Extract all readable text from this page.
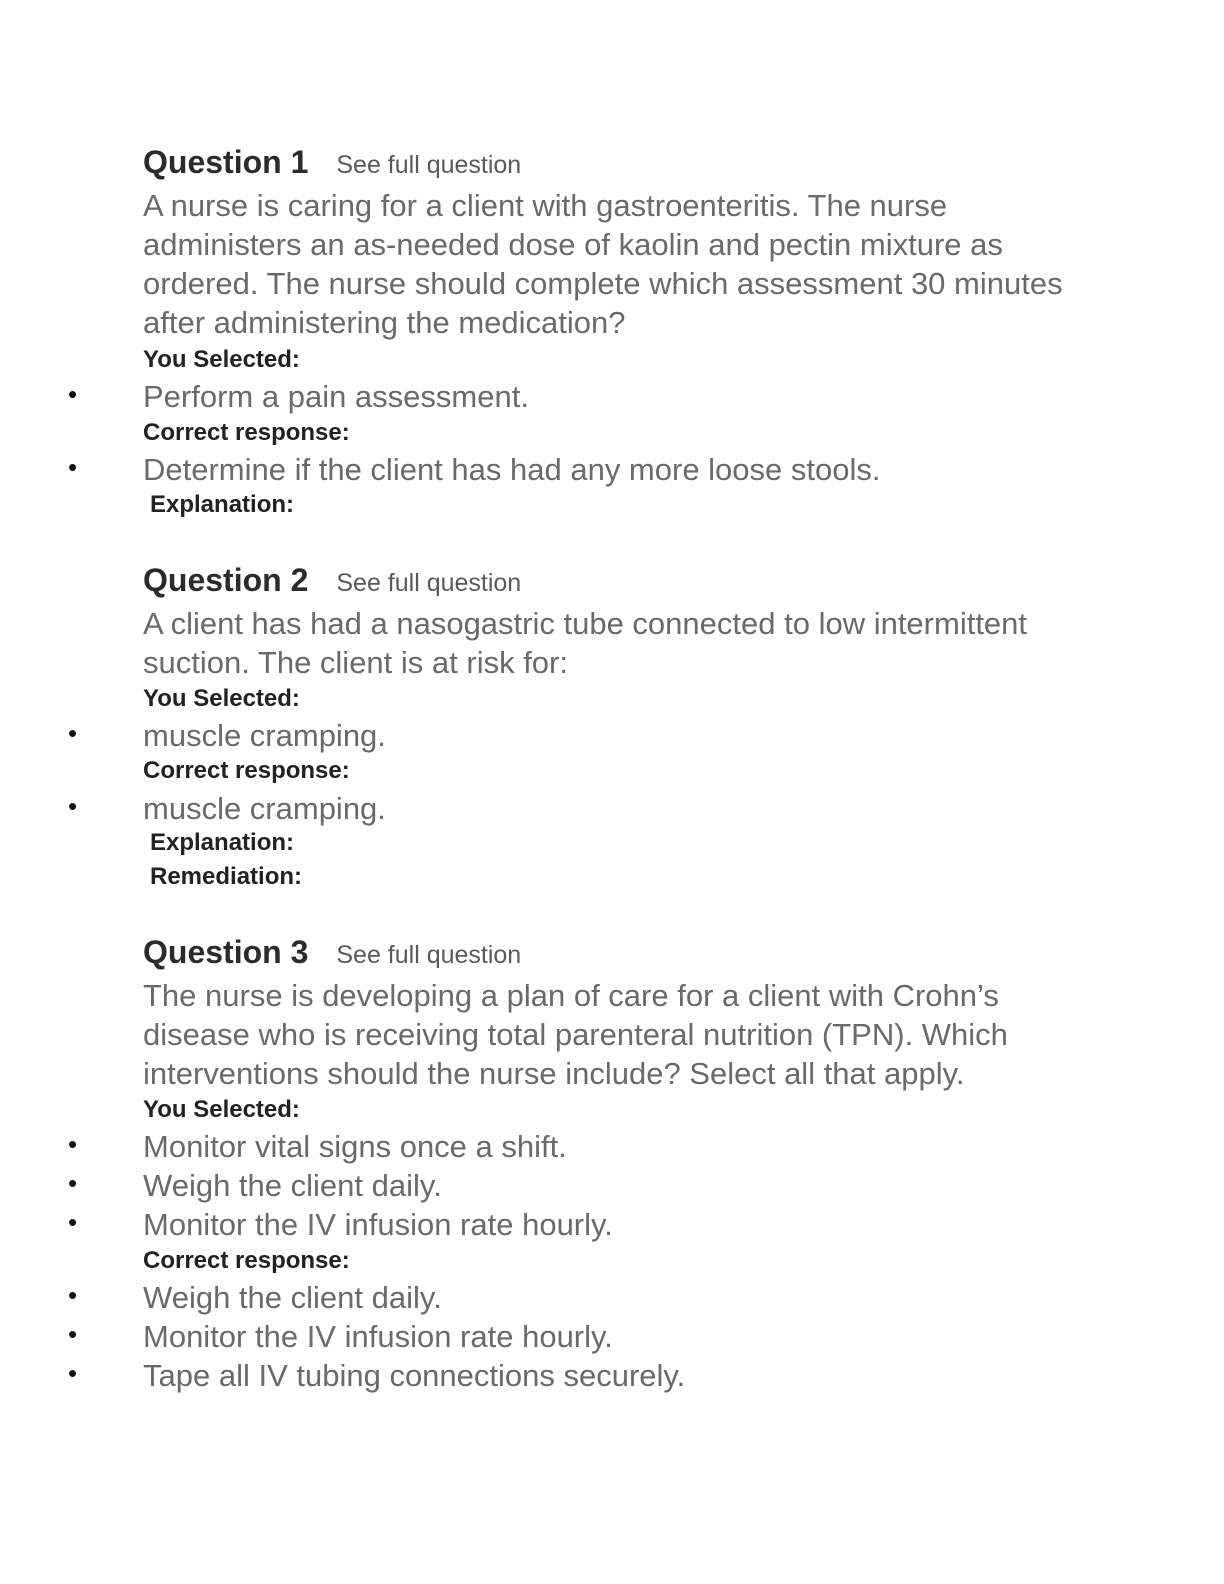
Question 1 See full question

A nurse is caring for a client with gastroenteritis. The nurse administers an as-needed dose of kaolin and pectin mixture as ordered. The nurse should complete which assessment 30 minutes after administering the medication?

You Selected:
• Perform a pain assessment.
Correct response:
• Determine if the client has had any more loose stools.
Explanation:
Question 2 See full question

A client has had a nasogastric tube connected to low intermittent suction. The client is at risk for:

You Selected:
• muscle cramping.
Correct response:
• muscle cramping.
Explanation:
Remediation:
Question 3 See full question

The nurse is developing a plan of care for a client with Crohn’s disease who is receiving total parenteral nutrition (TPN). Which interventions should the nurse include? Select all that apply.

You Selected:
• Monitor vital signs once a shift.
• Weigh the client daily.
• Monitor the IV infusion rate hourly.
Correct response:
• Weigh the client daily.
• Monitor the IV infusion rate hourly.
• Tape all IV tubing connections securely.
